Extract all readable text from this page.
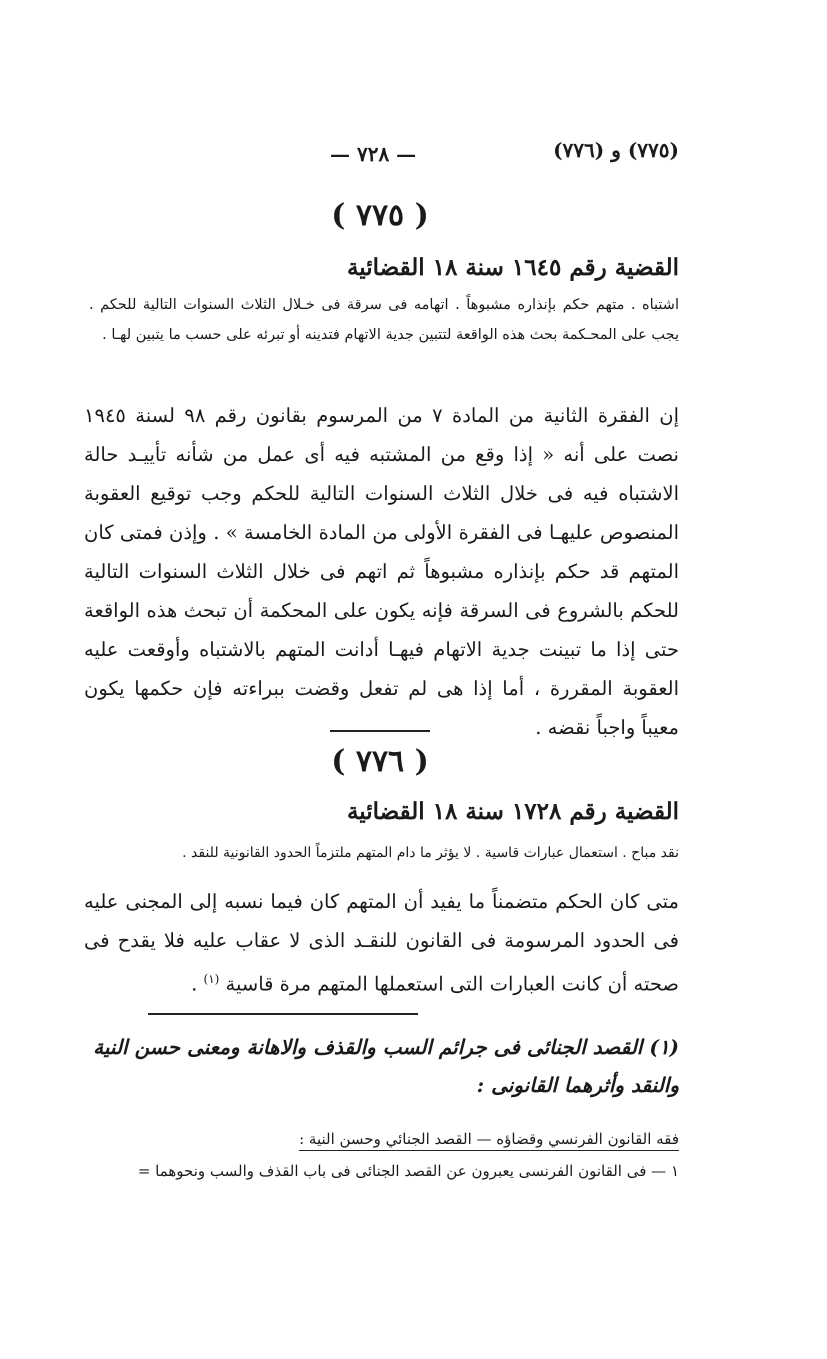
— ٧٢٨ —	(٧٧٥) و (٧٧٦)
( ٧٧٥ )
القضية رقم ١٦٤٥ سنة ١٨ القضائية
اشتباه . متهم حكم بإنذاره مشبوهاً . اتهامه فى سرقة فى خـلال الثلاث السنوات التالية للحكم . يجب على المحـكمة بحث هذه الواقعة لتتبين جدية الاتهام فتدينه أو تبرئه على حسب ما يتبين لهـا .
إن الفقرة الثانية من المادة ٧ من المرسوم بقانون رقم ٩٨ لسنة ١٩٤٥ نصت على أنه « إذا وقع من المشتبه فيه أى عمل من شأنه تأييـد حالة الاشتباه فيه فى خلال الثلاث السنوات التالية للحكم وجب توقيع العقوبة المنصوص عليهـا فى الفقرة الأولى من المادة الخامسة » . وإذن فمتى كان المتهم قد حكم بإنذاره مشبوهاً ثم اتهم فى خلال الثلاث السنوات التالية للحكم بالشروع فى السرقة فإنه يكون على المحكمة أن تبحث هذه الواقعة حتى إذا ما تبينت جدية الاتهام فيهـا أدانت المتهم بالاشتباه وأوقعت عليه العقوبة المقررة ، أما إذا هى لم تفعل وقضت ببراءته فإن حكمها يكون معيباً واجباً نقضه .
( ٧٧٦ )
القضية رقم ١٧٢٨ سنة ١٨ القضائية
نقد مباح . استعمال عبارات قاسية . لا يؤثر ما دام المتهم ملتزماً الحدود القانونية للنقد .
متى كان الحكم متضمناً ما يفيد أن المتهم كان فيما نسبه إلى المجنى عليه فى الحدود المرسومة فى القانون للنقـد الذى لا عقاب عليه فلا يقدح فى صحته أن كانت العبارات التى استعملها المتهم مرة قاسية $^{(١)}$ .
(١) القصد الجنائى فى جرائم السب والقذف والاهانة ومعنى حسن النية والنقد وأثرهما القانونى :
فقه القانون الفرنسي وقضاؤه — القصد الجنائي وحسن النية :
١ — فى القانون الفرنسى يعبرون عن القصد الجنائى فى باب القذف والسب ونحوهما =
